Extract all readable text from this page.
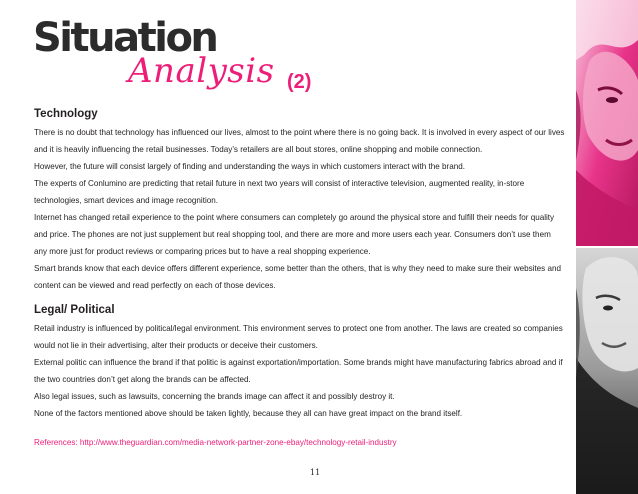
Situation
Analysis (2)
Technology

There is no doubt that technology has influenced our lives, almost to the point where there is no going back. It is involved in every aspect of our lives and it is heavily influencing the retail businesses. Today’s retailers are all bout stores, online shopping and mobile connection.

However, the future will consist largely of finding and understanding the ways in which customers interact with the brand.

The experts of Conlumino are predicting that retail future in next two years will consist of interactive television, augmented reality, in-store technologies, smart devices and image recognition.

Internet has changed retail experience to the point where consumers can completely go around the physical store and fulfill their needs for quality and price. The phones are not just supplement but real shopping tool, and there are more and more users each year. Consumers don’t use them any more just for product reviews or comparing prices but to have a real shopping experience.

Smart brands know that each device offers different experience, some better than the others, that is why they need to make sure their websites and content can be viewed and read perfectly on each of those devices.

Legal/ Political

Retail industry is influenced by political/legal environment. This environment serves to protect one from another. The laws are created so companies would not lie in their advertising, alter their products or deceive their customers.

External politic can influence the brand if that politic is against exportation/importation. Some brands might have manufacturing fabrics abroad and if the two countries don’t get along the brands can be affected.

Also legal issues, such as lawsuits, concerning the brands image can affect it and possibly destroy it.

None of the factors mentioned above should be taken lightly, because they all can have great impact on the brand itself.

References: http://www.theguardian.com/media-network-partner-zone-ebay/technology-retail-industry

11
